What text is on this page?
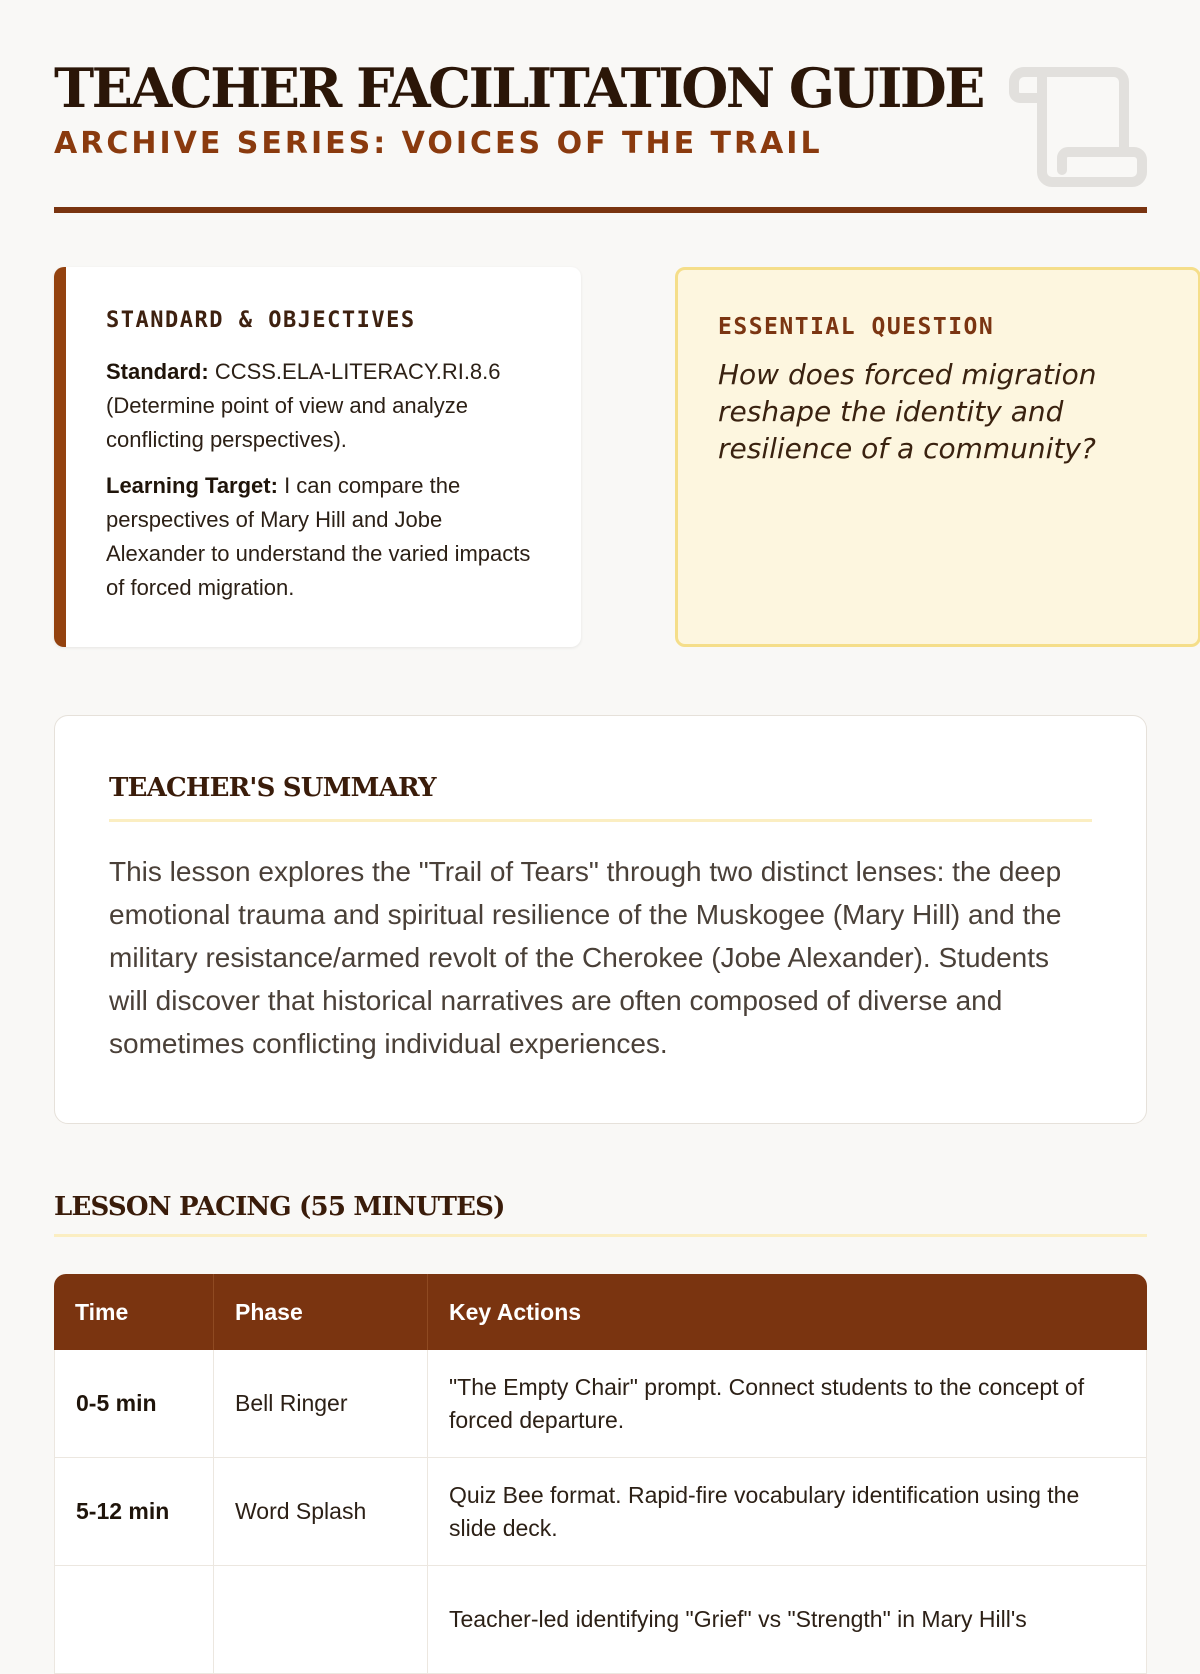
TEACHER FACILITATION GUIDE
ARCHIVE SERIES: VOICES OF THE TRAIL
STANDARD & OBJECTIVES

Standard: CCSS.ELA-LITERACY.RI.8.6 (Determine point of view and analyze conflicting perspectives).

Learning Target: I can compare the perspectives of Mary Hill and Jobe Alexander to understand the varied impacts of forced migration.

ESSENTIAL QUESTION

How does forced migration reshape the identity and resilience of a community?

TEACHER'S SUMMARY

This lesson explores the "Trail of Tears" through two distinct lenses: the deep emotional trauma and spiritual resilience of the Muskogee (Mary Hill) and the military resistance/armed revolt of the Cherokee (Jobe Alexander). Students will discover that historical narratives are often composed of diverse and sometimes conflicting individual experiences.

LESSON PACING (55 MINUTES)
Time	Phase	Key Actions
0-5 min	Bell Ringer	"The Empty Chair" prompt. Connect students to the concept of forced departure.
5-12 min	Word Splash	Quiz Bee format. Rapid-fire vocabulary identification using the slide deck.
		Teacher-led identifying "Grief" vs "Strength" in Mary Hill's
